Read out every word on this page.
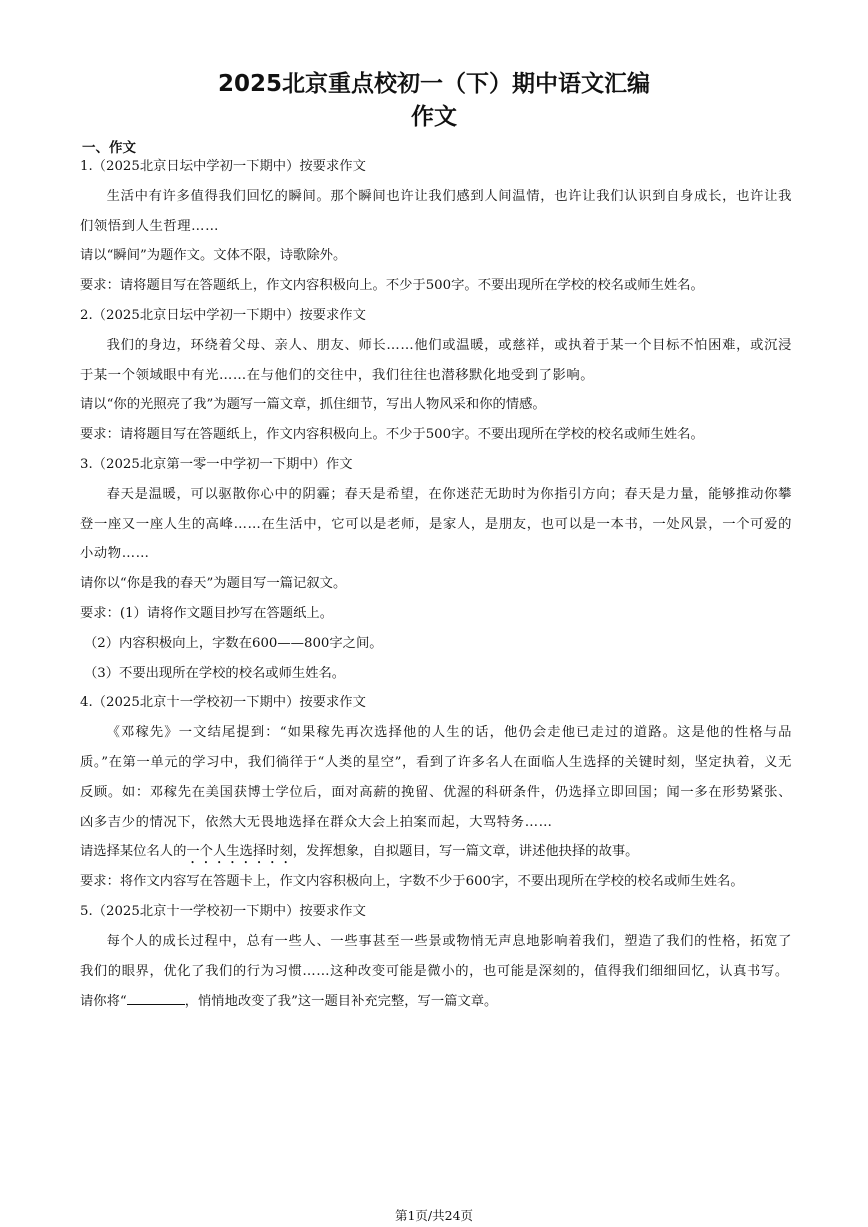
2025北京重点校初一（下）期中语文汇编
作文
一、作文

1.（2025北京日坛中学初一下期中）按要求作文

生活中有许多值得我们回忆的瞬间。那个瞬间也许让我们感到人间温情，也许让我们认识到自身成长，也许让我们领悟到人生哲理……

请以“瞬间”为题作文。文体不限，诗歌除外。

要求：请将题目写在答题纸上，作文内容积极向上。不少于500字。不要出现所在学校的校名或师生姓名。

2.（2025北京日坛中学初一下期中）按要求作文

我们的身边，环绕着父母、亲人、朋友、师长……他们或温暖，或慈祥，或执着于某一个目标不怕困难，或沉浸于某一个领域眼中有光……在与他们的交往中，我们往往也潜移默化地受到了影响。

请以“你的光照亮了我”为题写一篇文章，抓住细节，写出人物风采和你的情感。

要求：请将题目写在答题纸上，作文内容积极向上。不少于500字。不要出现所在学校的校名或师生姓名。

3.（2025北京第一零一中学初一下期中）作文

春天是温暖，可以驱散你心中的阴霾；春天是希望，在你迷茫无助时为你指引方向；春天是力量，能够推动你攀登一座又一座人生的高峰……在生活中，它可以是老师，是家人，是朋友，也可以是一本书，一处风景，一个可爱的小动物……

请你以“你是我的春天”为题目写一篇记叙文。

要求：(1）请将作文题目抄写在答题纸上。

（2）内容积极向上，字数在600——800字之间。

（3）不要出现所在学校的校名或师生姓名。

4.（2025北京十一学校初一下期中）按要求作文

《邓稼先》一文结尾提到：“如果稼先再次选择他的人生的话，他仍会走他已走过的道路。这是他的性格与品质。”在第一单元的学习中，我们徜徉于“人类的星空”，看到了许多名人在面临人生选择的关键时刻，坚定执着，义无反顾。如：邓稼先在美国获博士学位后，面对高薪的挽留、优渥的科研条件，仍选择立即回国；闻一多在形势紧张、凶多吉少的情况下，依然大无畏地选择在群众大会上拍案而起，大骂特务……

请选择某位名人的一个人生选择时刻，发挥想象，自拟题目，写一篇文章，讲述他抉择的故事。

要求：将作文内容写在答题卡上，作文内容积极向上，字数不少于600字，不要出现所在学校的校名或师生姓名。

5.（2025北京十一学校初一下期中）按要求作文

每个人的成长过程中，总有一些人、一些事甚至一些景或物悄无声息地影响着我们，塑造了我们的性格，拓宽了我们的眼界，优化了我们的行为习惯……这种改变可能是微小的，也可能是深刻的，值得我们细细回忆，认真书写。

请你将“	，悄悄地改变了我”这一题目补充完整，写一篇文章。

第1页/共24页
